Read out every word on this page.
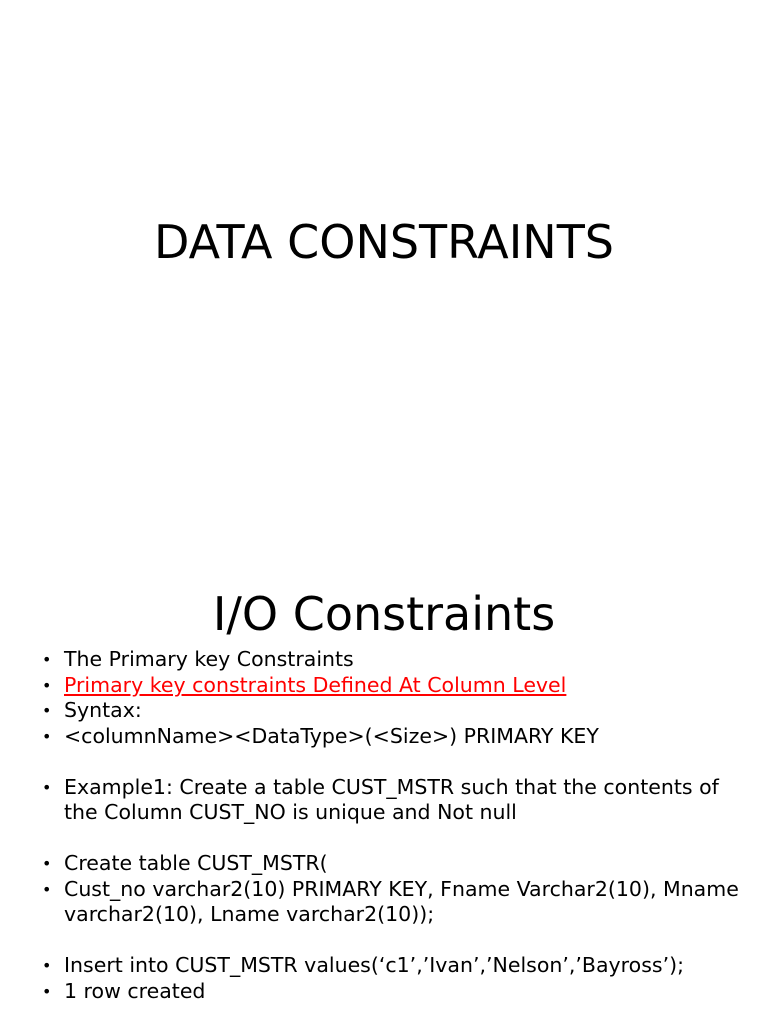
DATA CONSTRAINTS
I/O Constraints
• The Primary key Constraints
• Primary key constraints Defined At Column Level
• Syntax:
• <columnName><DataType>(<Size>) PRIMARY KEY
• Example1: Create a table CUST_MSTR such that the contents of the Column CUST_NO is unique and Not null
• Create table CUST_MSTR(
• Cust_no varchar2(10) PRIMARY KEY, Fname Varchar2(10), Mname varchar2(10), Lname varchar2(10));
• Insert into CUST_MSTR values(‘c1’,’Ivan’,’Nelson’,’Bayross’);
• 1 row created
